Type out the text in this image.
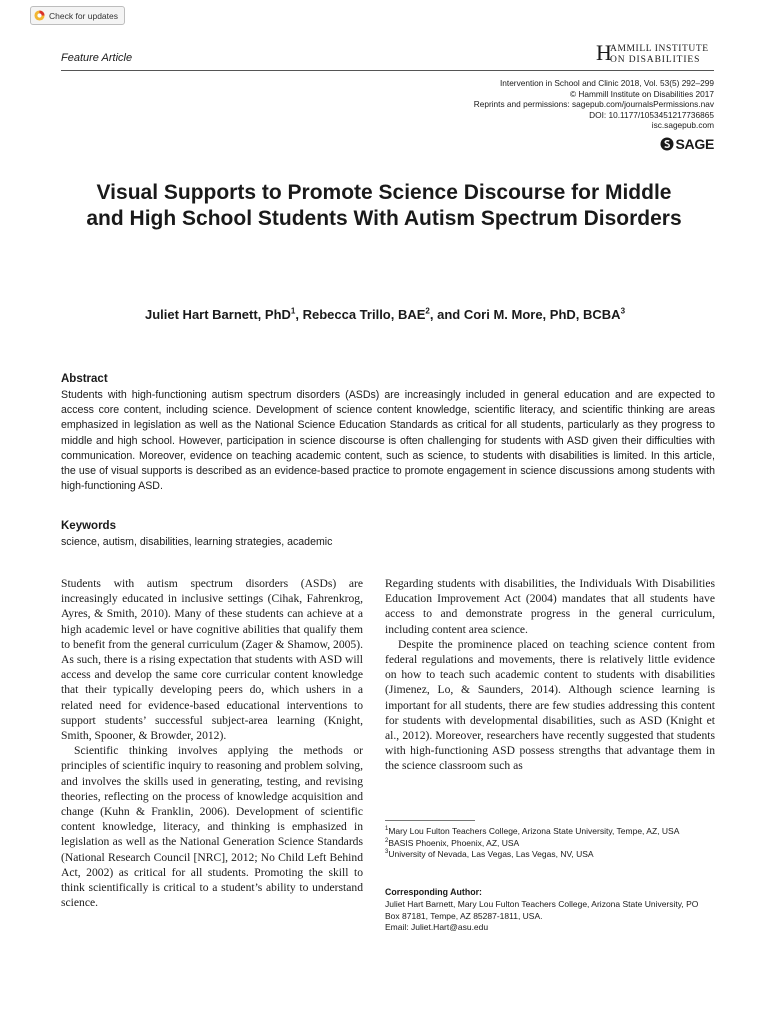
Check for updates
Feature Article	H
AMMILL INSTITUTE
ON DISABILITIES
Intervention in School and Clinic 2018, Vol. 53(5) 292–299
© Hammill Institute on Disabilities 2017
Reprints and permissions: sagepub.com/journalsPermissions.nav
DOI: 10.1177/1053451217736865
isc.sagepub.com
SAGE
Visual Supports to Promote Science Discourse for Middle and High School Students With Autism Spectrum Disorders
Juliet Hart Barnett, PhD$^1$, Rebecca Trillo, BAE$^2$, and Cori M. More, PhD, BCBA$^3$
Abstract

Students with high-functioning autism spectrum disorders (ASDs) are increasingly included in general education and are expected to access core content, including science. Development of science content knowledge, scientific literacy, and scientific thinking are areas emphasized in legislation as well as the National Science Education Standards as critical for all students, particularly as they progress to middle and high school. However, participation in science discourse is often challenging for students with ASD given their difficulties with communication. Moreover, evidence on teaching academic content, such as science, to students with disabilities is limited. In this article, the use of visual supports is described as an evidence-based practice to promote engagement in science discussions among students with high-functioning ASD.

Keywords
science, autism, disabilities, learning strategies, academic

Students with autism spectrum disorders (ASDs) are increasingly educated in inclusive settings (Cihak, Fahrenkrog, Ayres, & Smith, 2010). Many of these students can achieve at a high academic level or have cognitive abilities that qualify them to benefit from the general curriculum (Zager & Shamow, 2005). As such, there is a rising expectation that students with ASD will access and develop the same core curricular content knowledge that their typically developing peers do, which ushers in a related need for evidence-based educational interventions to support students’ successful subject-area learning (Knight, Smith, Spooner, & Browder, 2012).

Scientific thinking involves applying the methods or principles of scientific inquiry to reasoning and problem solving, and involves the skills used in generating, testing, and revising theories, reflecting on the process of knowledge acquisition and change (Kuhn & Franklin, 2006). Development of scientific content knowledge, literacy, and thinking is emphasized in legislation as well as the National Generation Science Standards (National Research Council [NRC], 2012; No Child Left Behind Act, 2002) as critical for all students. Promoting the skill to think scientifically is critical to a student’s ability to understand science.

Regarding students with disabilities, the Individuals With Disabilities Education Improvement Act (2004) mandates that all students have access to and demonstrate progress in the general curriculum, including content area science.

Despite the prominence placed on teaching science content from federal regulations and movements, there is relatively little evidence on how to teach such academic content to students with disabilities (Jimenez, Lo, & Saunders, 2014). Although science learning is important for all students, there are few studies addressing this content for students with developmental disabilities, such as ASD (Knight et al., 2012). Moreover, researchers have recently suggested that students with high-functioning ASD possess strengths that advantage them in the science classroom such as

$^1$Mary Lou Fulton Teachers College, Arizona State University, Tempe, AZ, USA
$^2$BASIS Phoenix, Phoenix, AZ, USA
$^3$University of Nevada, Las Vegas, Las Vegas, NV, USA
Corresponding Author:
Juliet Hart Barnett, Mary Lou Fulton Teachers College, Arizona State University, PO Box 87181, Tempe, AZ 85287-1811, USA.
Email: Juliet.Hart@asu.edu
